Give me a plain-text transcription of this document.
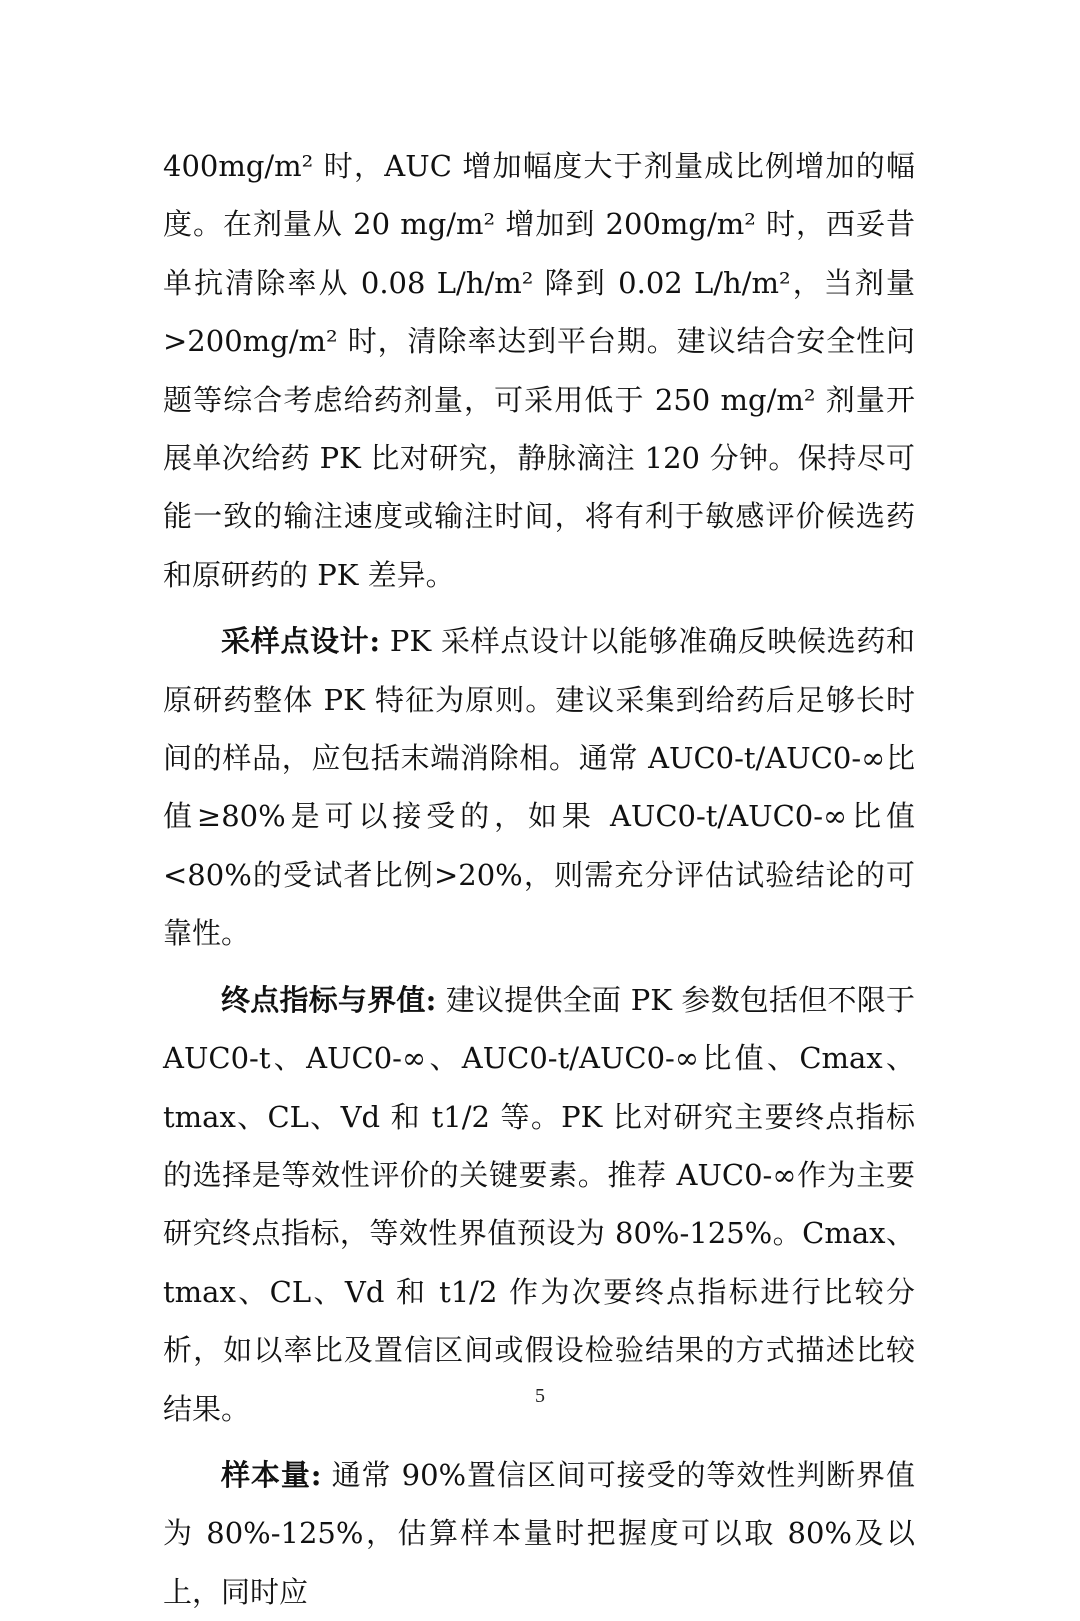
400mg/m² 时，AUC 增加幅度大于剂量成比例增加的幅度。在剂量从 20 mg/m² 增加到 200mg/m² 时，西妥昔单抗清除率从 0.08 L/h/m² 降到 0.02 L/h/m²，当剂量>200mg/m² 时，清除率达到平台期。建议结合安全性问题等综合考虑给药剂量，可采用低于 250 mg/m² 剂量开展单次给药 PK 比对研究，静脉滴注 120 分钟。保持尽可能一致的输注速度或输注时间，将有利于敏感评价候选药和原研药的 PK 差异。

采样点设计: PK 采样点设计以能够准确反映候选药和原研药整体 PK 特征为原则。建议采集到给药后足够长时间的样品，应包括末端消除相。通常 AUC0-t/AUC0-∞比值≥80%是可以接受的，如果 AUC0-t/AUC0-∞比值<80%的受试者比例>20%，则需充分评估试验结论的可靠性。

终点指标与界值: 建议提供全面 PK 参数包括但不限于AUC0-t、AUC0-∞、AUC0-t/AUC0-∞比值、Cmax、tmax、CL、Vd 和 t1/2 等。PK 比对研究主要终点指标的选择是等效性评价的关键要素。推荐 AUC0-∞作为主要研究终点指标，等效性界值预设为 80%-125%。Cmax、tmax、CL、Vd 和 t1/2 作为次要终点指标进行比较分析，如以率比及置信区间或假设检验结果的方式描述比较结果。

样本量: 通常 90%置信区间可接受的等效性判断界值为 80%-125%，估算样本量时把握度可以取 80%及以上，同时应

5
